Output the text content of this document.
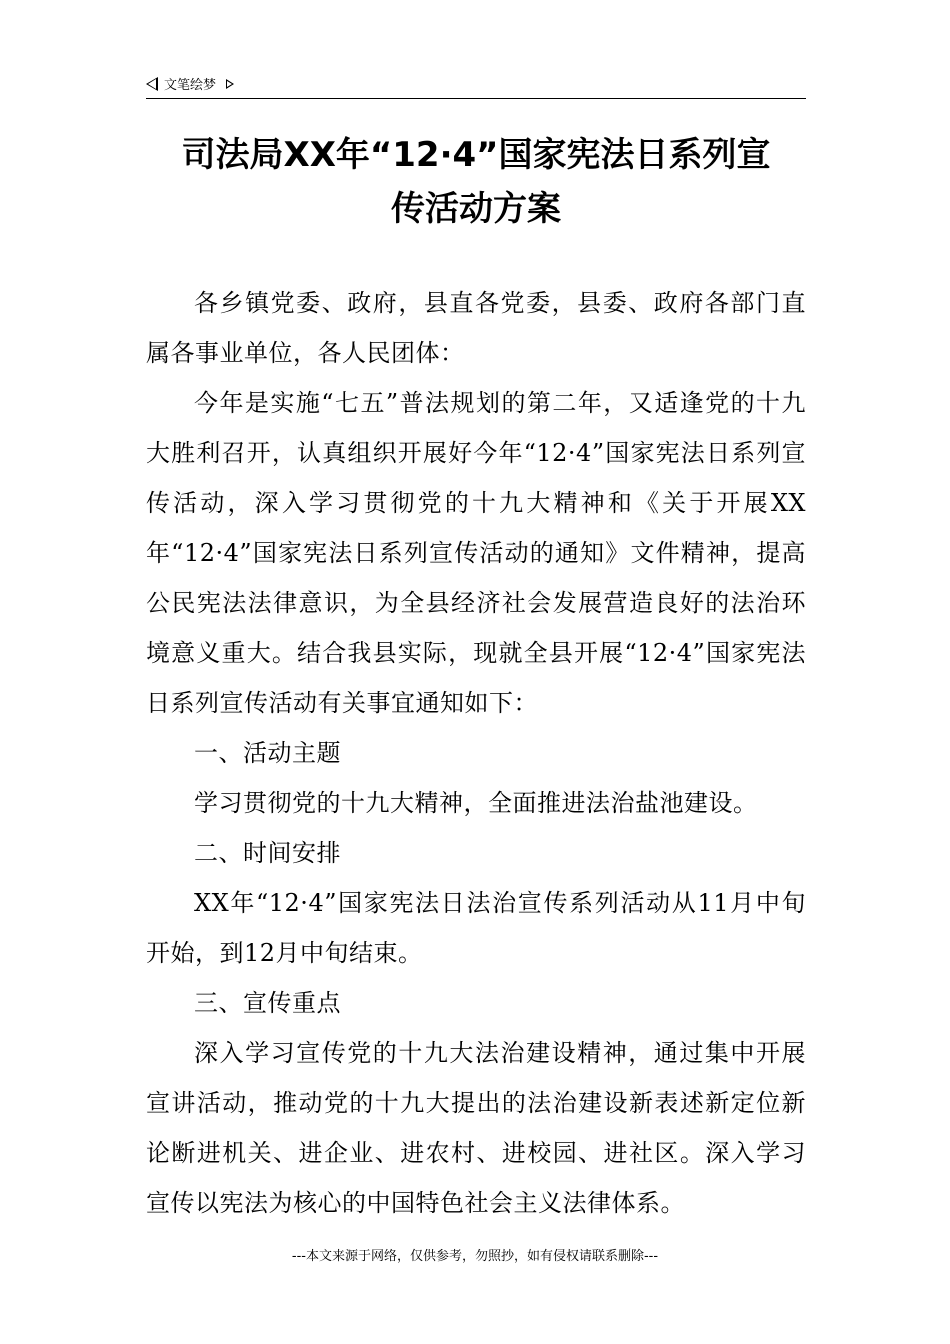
文笔绘梦
司法局XX年“12·4”国家宪法日系列宣
传活动方案

各乡镇党委、政府，县直各党委，县委、政府各部门直属各事业单位，各人民团体：

今年是实施“七五”普法规划的第二年，又适逢党的十九大胜利召开，认真组织开展好今年“12·4”国家宪法日系列宣传活动，深入学习贯彻党的十九大精神和《关于开展XX年“12·4”国家宪法日系列宣传活动的通知》文件精神，提高公民宪法法律意识，为全县经济社会发展营造良好的法治环境意义重大。结合我县实际，现就全县开展“12·4”国家宪法日系列宣传活动有关事宜通知如下：

一、活动主题

学习贯彻党的十九大精神，全面推进法治盐池建设。

二、时间安排

XX年“12·4”国家宪法日法治宣传系列活动从11月中旬开始，到12月中旬结束。

三、宣传重点

深入学习宣传党的十九大法治建设精神，通过集中开展宣讲活动，推动党的十九大提出的法治建设新表述新定位新论断进机关、进企业、进农村、进校园、进社区。深入学习宣传以宪法为核心的中国特色社会主义法律体系。

---本文来源于网络，仅供参考，勿照抄，如有侵权请联系删除---
